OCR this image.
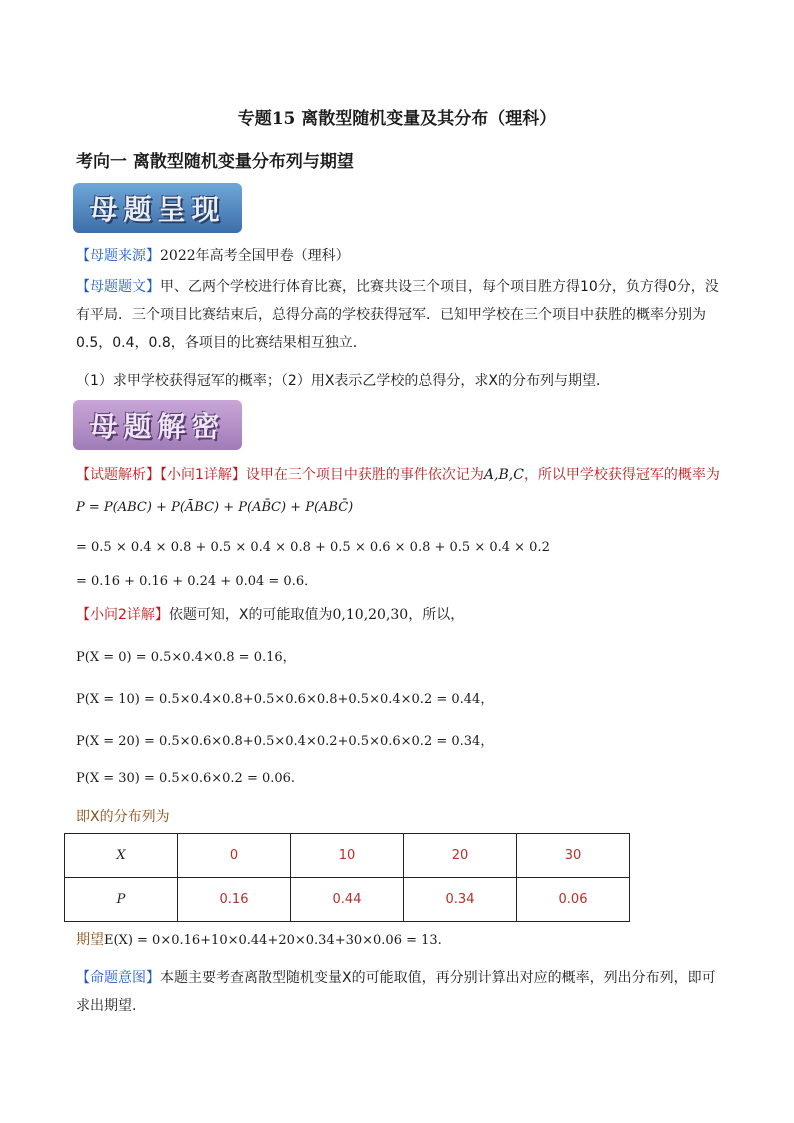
专题15 离散型随机变量及其分布（理科）
考向一 离散型随机变量分布列与期望
母题呈现
【母题来源】2022年高考全国甲卷（理科）
【母题题文】甲、乙两个学校进行体育比赛，比赛共设三个项目，每个项目胜方得10分，负方得0分，没
有平局．三个项目比赛结束后，总得分高的学校获得冠军．已知甲学校在三个项目中获胜的概率分别为
0.5，0.4，0.8，各项目的比赛结果相互独立．
（1）求甲学校获得冠军的概率；（2）用X表示乙学校的总得分，求X的分布列与期望．
母题解密
【试题解析】【小问1详解】设甲在三个项目中获胜的事件依次记为A,B,C，所以甲学校获得冠军的概率为
P = P(ABC) + P(ĀBC) + P(AB̄C) + P(ABC̄)
= 0.5 × 0.4 × 0.8 + 0.5 × 0.4 × 0.8 + 0.5 × 0.6 × 0.8 + 0.5 × 0.4 × 0.2
= 0.16 + 0.16 + 0.24 + 0.04 = 0.6．
【小问2详解】依题可知，X的可能取值为0,10,20,30，所以，
P(X = 0) = 0.5×0.4×0.8 = 0.16，
P(X = 10) = 0.5×0.4×0.8+0.5×0.6×0.8+0.5×0.4×0.2 = 0.44，
P(X = 20) = 0.5×0.6×0.8+0.5×0.4×0.2+0.5×0.6×0.2 = 0.34，
P(X = 30) = 0.5×0.6×0.2 = 0.06.
即X的分布列为
X	0	10	20	30
P	0.16	0.44	0.34	0.06
期望E(X) = 0×0.16+10×0.44+20×0.34+30×0.06 = 13.
【命题意图】本题主要考查离散型随机变量X的可能取值，再分别计算出对应的概率，列出分布列，即可
求出期望.
